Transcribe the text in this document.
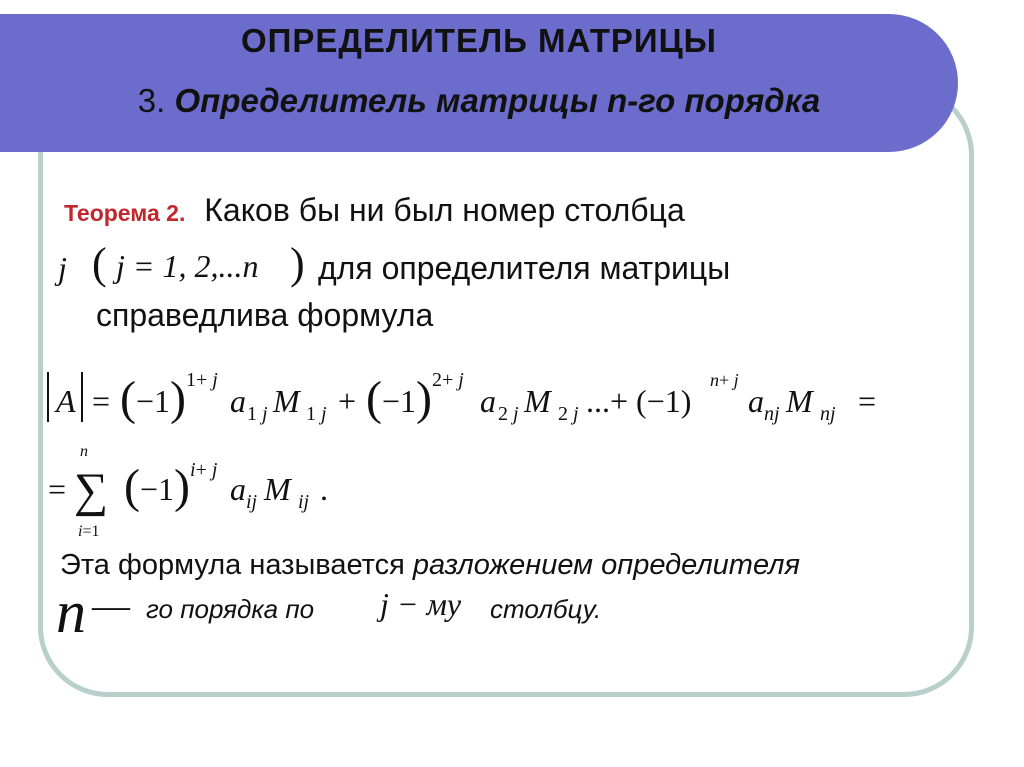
ОПРЕДЕЛИТЕЛЬ МАТРИЦЫ
3. Определитель матрицы n-го порядка
Теорема 2. Каков бы ни был номер столбца
j ( j = 1, 2,...n ) для определителя матрицы
справедлива формула
A = ( −1 ) 1+ j
a 1 j M 1 j + ( −1 ) 2+ j
a 2 j M 2 j ...+ (−1)
n+ j
a nj M nj =
=
n
∑
i=1
( −1 ) i+ j
a ij M ij .
Эта формула называется разложением определителя
n — го порядка по j − му столбцу.
